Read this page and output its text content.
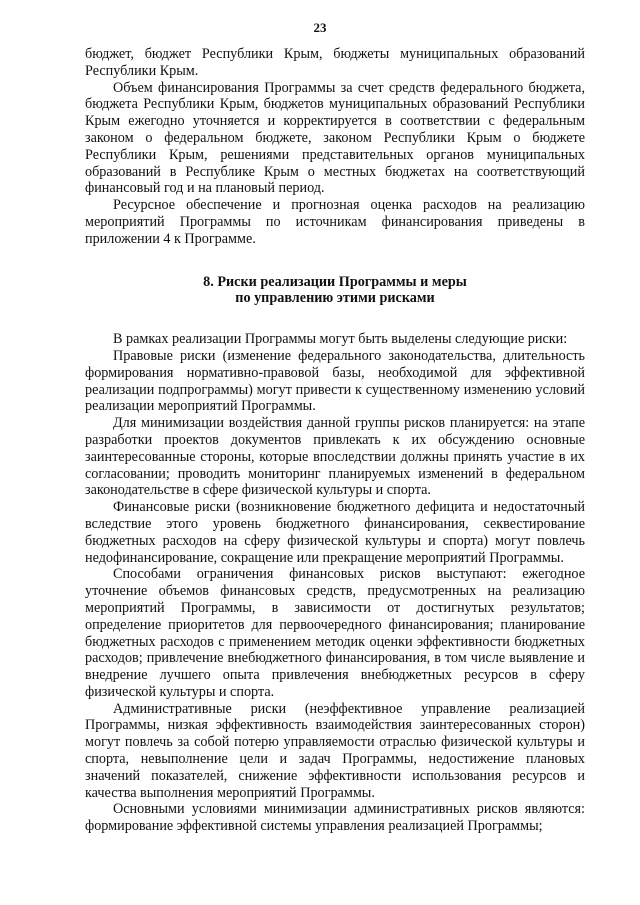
23

бюджет, бюджет Республики Крым, бюджеты муниципальных образований Республики Крым.

Объем финансирования Программы за счет средств федерального бюджета, бюджета Республики Крым, бюджетов муниципальных образований Республики Крым ежегодно уточняется и корректируется в соответствии с федеральным законом о федеральном бюджете, законом Республики Крым о бюджете Республики Крым, решениями представительных органов муниципальных образований в Республике Крым о местных бюджетах на соответствующий финансовый год и на плановый период.

Ресурсное обеспечение и прогнозная оценка расходов на реализацию мероприятий Программы по источникам финансирования приведены в приложении 4 к Программе.

8. Риски реализации Программы и меры
по управлению этими рисками

В рамках реализации Программы могут быть выделены следующие риски:

Правовые риски (изменение федерального законодательства, длительность формирования нормативно-правовой базы, необходимой для эффективной реализации подпрограммы) могут привести к существенному изменению условий реализации мероприятий Программы.

Для минимизации воздействия данной группы рисков планируется: на этапе разработки проектов документов привлекать к их обсуждению основные заинтересованные стороны, которые впоследствии должны принять участие в их согласовании; проводить мониторинг планируемых изменений в федеральном законодательстве в сфере физической культуры и спорта.

Финансовые риски (возникновение бюджетного дефицита и недостаточный вследствие этого уровень бюджетного финансирования, секвестирование бюджетных расходов на сферу физической культуры и спорта) могут повлечь недофинансирование, сокращение или прекращение мероприятий Программы.

Способами ограничения финансовых рисков выступают: ежегодное уточнение объемов финансовых средств, предусмотренных на реализацию мероприятий Программы, в зависимости от достигнутых результатов; определение приоритетов для первоочередного финансирования; планирование бюджетных расходов с применением методик оценки эффективности бюджетных расходов; привлечение внебюджетного финансирования, в том числе выявление и внедрение лучшего опыта привлечения внебюджетных ресурсов в сферу физической культуры и спорта.

Административные риски (неэффективное управление реализацией Программы, низкая эффективность взаимодействия заинтересованных сторон) могут повлечь за собой потерю управляемости отраслью физической культуры и спорта, невыполнение цели и задач Программы, недостижение плановых значений показателей, снижение эффективности использования ресурсов и качества выполнения мероприятий Программы.

Основными условиями минимизации административных рисков являются: формирование эффективной системы управления реализацией Программы;
